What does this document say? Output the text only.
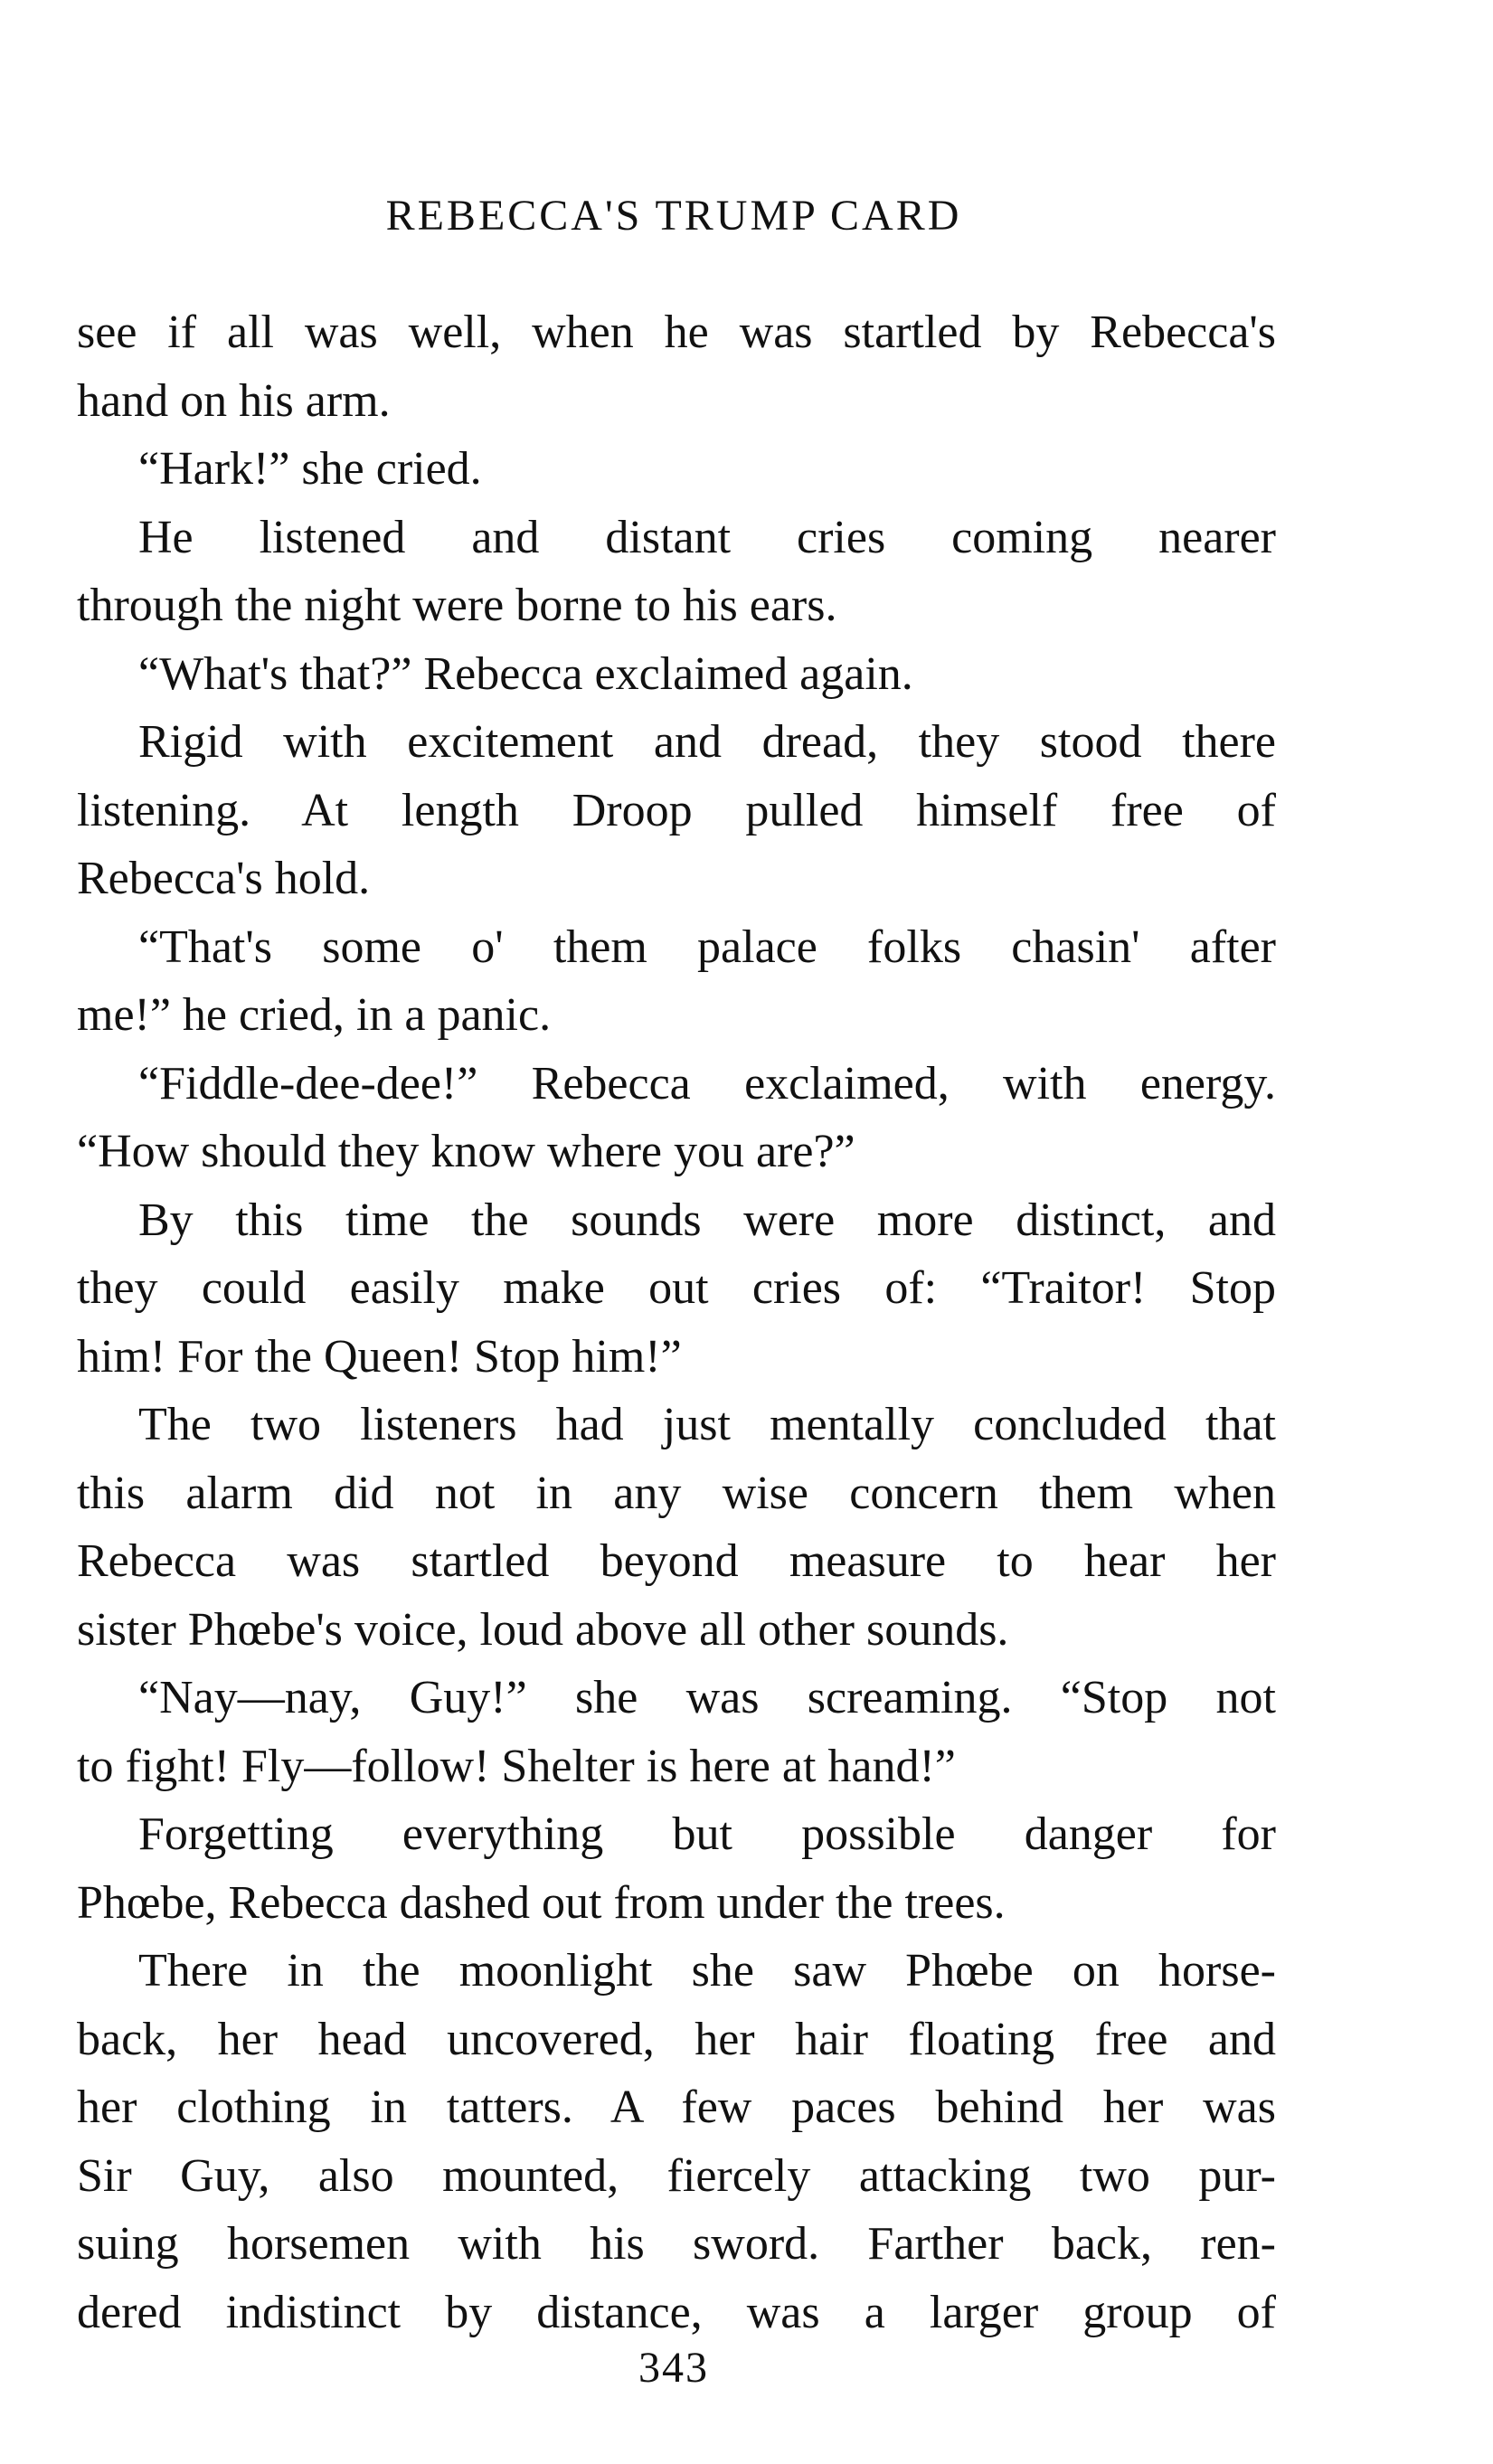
REBECCA'S TRUMP CARD
see if all was well, when he was startled by Rebecca's
hand on his arm.
“Hark!” she cried.
He listened and distant cries coming nearer
through the night were borne to his ears.
“What's that?” Rebecca exclaimed again.
Rigid with excitement and dread, they stood there
listening. At length Droop pulled himself free of
Rebecca's hold.
“That's some o' them palace folks chasin' after
me!” he cried, in a panic.
“Fiddle-dee-dee!” Rebecca exclaimed, with energy.
“How should they know where you are?”
By this time the sounds were more distinct, and
they could easily make out cries of: “Traitor! Stop
him! For the Queen! Stop him!”
The two listeners had just mentally concluded that
this alarm did not in any wise concern them when
Rebecca was startled beyond measure to hear her
sister Phœbe's voice, loud above all other sounds.
“Nay—nay, Guy!” she was screaming. “Stop not
to fight! Fly—follow! Shelter is here at hand!”
Forgetting everything but possible danger for
Phœbe, Rebecca dashed out from under the trees.
There in the moonlight she saw Phœbe on horse-
back, her head uncovered, her hair floating free and
her clothing in tatters. A few paces behind her was
Sir Guy, also mounted, fiercely attacking two pur-
suing horsemen with his sword. Farther back, ren-
dered indistinct by distance, was a larger group of
343
